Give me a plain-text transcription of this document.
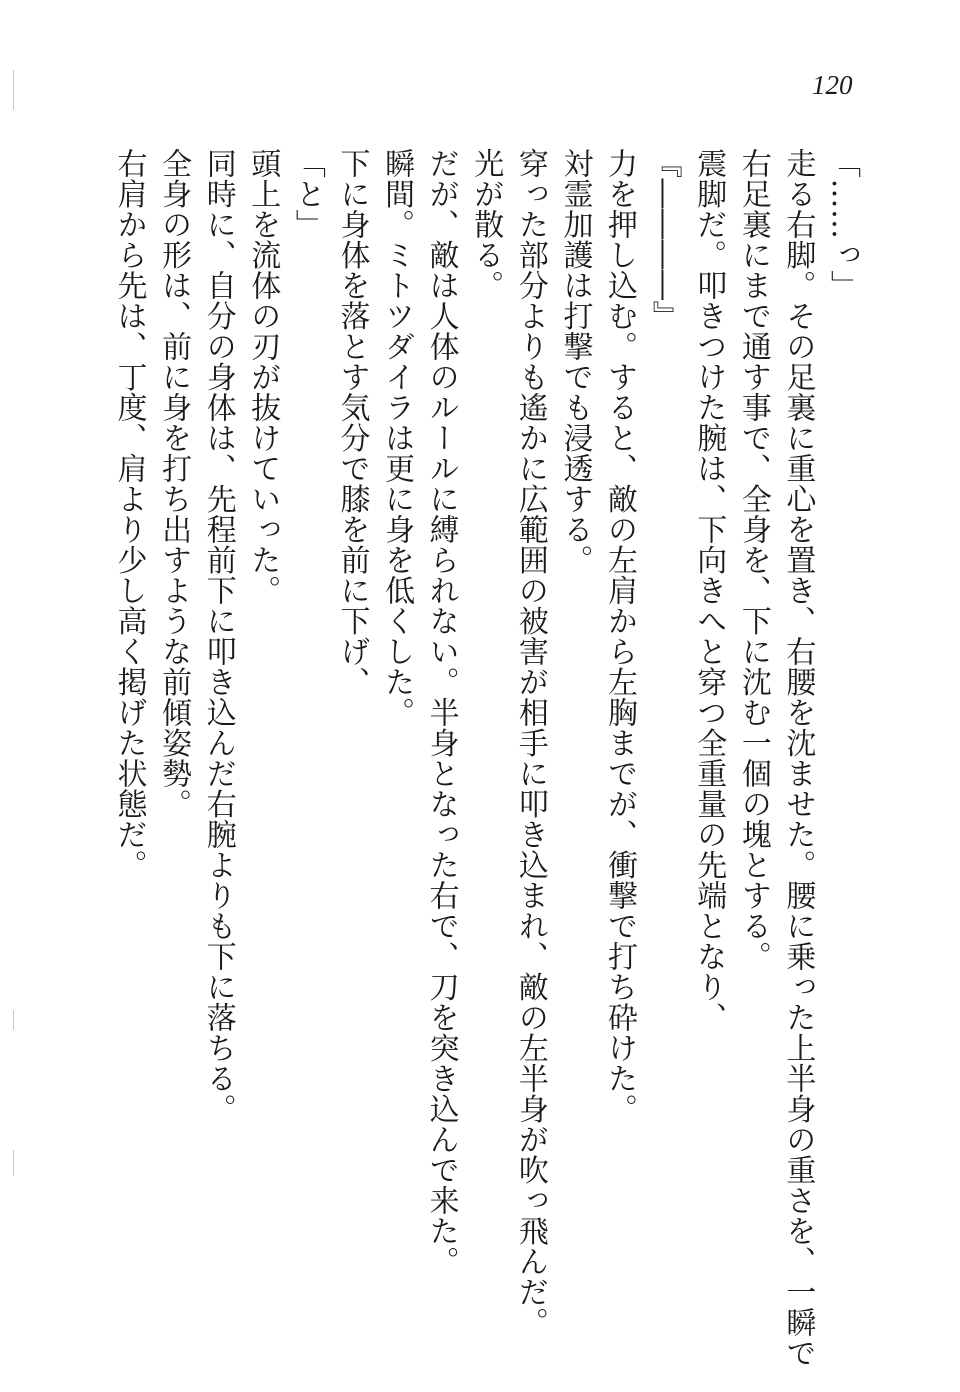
120
「……っ」
走る右脚。その足裏に重心を置き、右腰を沈ませた。腰に乗った上半身の重さを、一瞬で
右足裏にまで通す事で、全身を、下に沈む一個の塊とする。
震脚だ。叩きつけた腕は、下向きへと穿つ全重量の先端となり、
『――――』
力を押し込む。すると、敵の左肩から左胸までが、衝撃で打ち砕けた。
対霊加護は打撃でも浸透する。
穿った部分よりも遙かに広範囲の被害が相手に叩き込まれ、敵の左半身が吹っ飛んだ。
光が散る。
だが、敵は人体のルールに縛られない。半身となった右で、刀を突き込んで来た。
瞬間。ミトツダイラは更に身を低くした。
下に身体を落とす気分で膝を前に下げ、
「と」
頭上を流体の刃が抜けていった。
同時に、自分の身体は、先程前下に叩き込んだ右腕よりも下に落ちる。
全身の形は、前に身を打ち出すような前傾姿勢。
右肩から先は、丁度、肩より少し高く掲げた状態だ。
